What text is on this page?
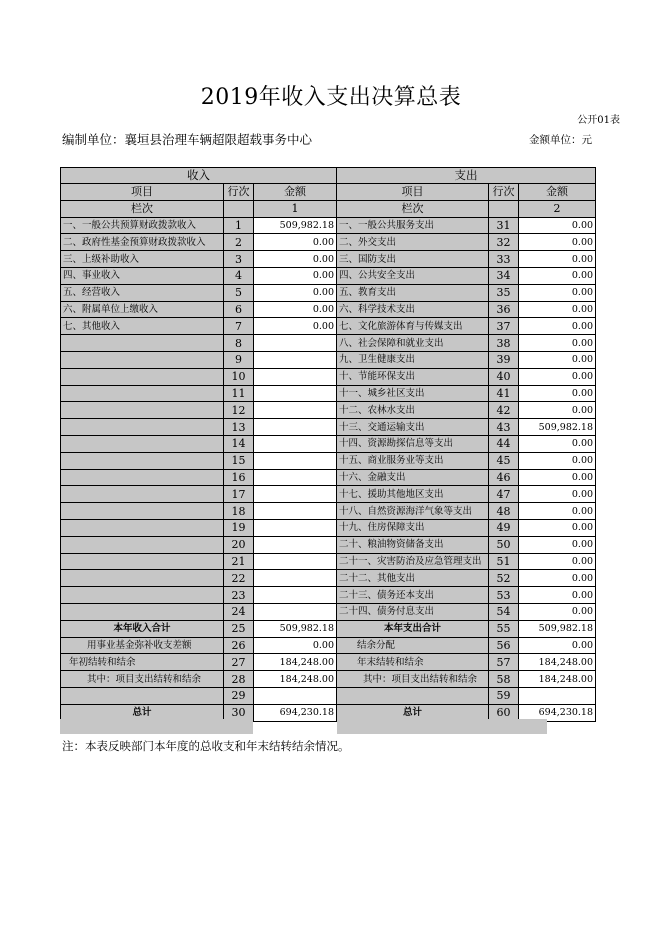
2019年收入支出决算总表
公开01表
编制单位：襄垣县治理车辆超限超载事务中心	金额单位：元
收入			支出		
项目	行次	金额	项目	行次	金额
栏次		1	栏次		2
一、一般公共预算财政拨款收入	1	509,982.18	一、一般公共服务支出	31	0.00
二、政府性基金预算财政拨款收入	2	0.00	二、外交支出	32	0.00
三、上级补助收入	3	0.00	三、国防支出	33	0.00
四、事业收入	4	0.00	四、公共安全支出	34	0.00
五、经营收入	5	0.00	五、教育支出	35	0.00
六、附属单位上缴收入	6	0.00	六、科学技术支出	36	0.00
七、其他收入	7	0.00	七、文化旅游体育与传媒支出	37	0.00
	8		八、社会保障和就业支出	38	0.00
	9		九、卫生健康支出	39	0.00
	10		十、节能环保支出	40	0.00
	11		十一、城乡社区支出	41	0.00
	12		十二、农林水支出	42	0.00
	13		十三、交通运输支出	43	509,982.18
	14		十四、资源勘探信息等支出	44	0.00
	15		十五、商业服务业等支出	45	0.00
	16		十六、金融支出	46	0.00
	17		十七、援助其他地区支出	47	0.00
	18		十八、自然资源海洋气象等支出	48	0.00
	19		十九、住房保障支出	49	0.00
	20		二十、粮油物资储备支出	50	0.00
	21		二十一、灾害防治及应急管理支出	51	0.00
	22		二十二、其他支出	52	0.00
	23		二十三、债务还本支出	53	0.00
	24		二十四、债务付息支出	54	0.00
本年收入合计	25	509,982.18	本年支出合计	55	509,982.18
用事业基金弥补收支差额	26	0.00	结余分配	56	0.00
年初结转和结余	27	184,248.00	年末结转和结余	57	184,248.00
其中：项目支出结转和结余	28	184,248.00	其中：项目支出结转和结余	58	184,248.00
	29			59	
总计	30	694,230.18	总计	60	694,230.18
注：本表反映部门本年度的总收支和年末结转结余情况。
